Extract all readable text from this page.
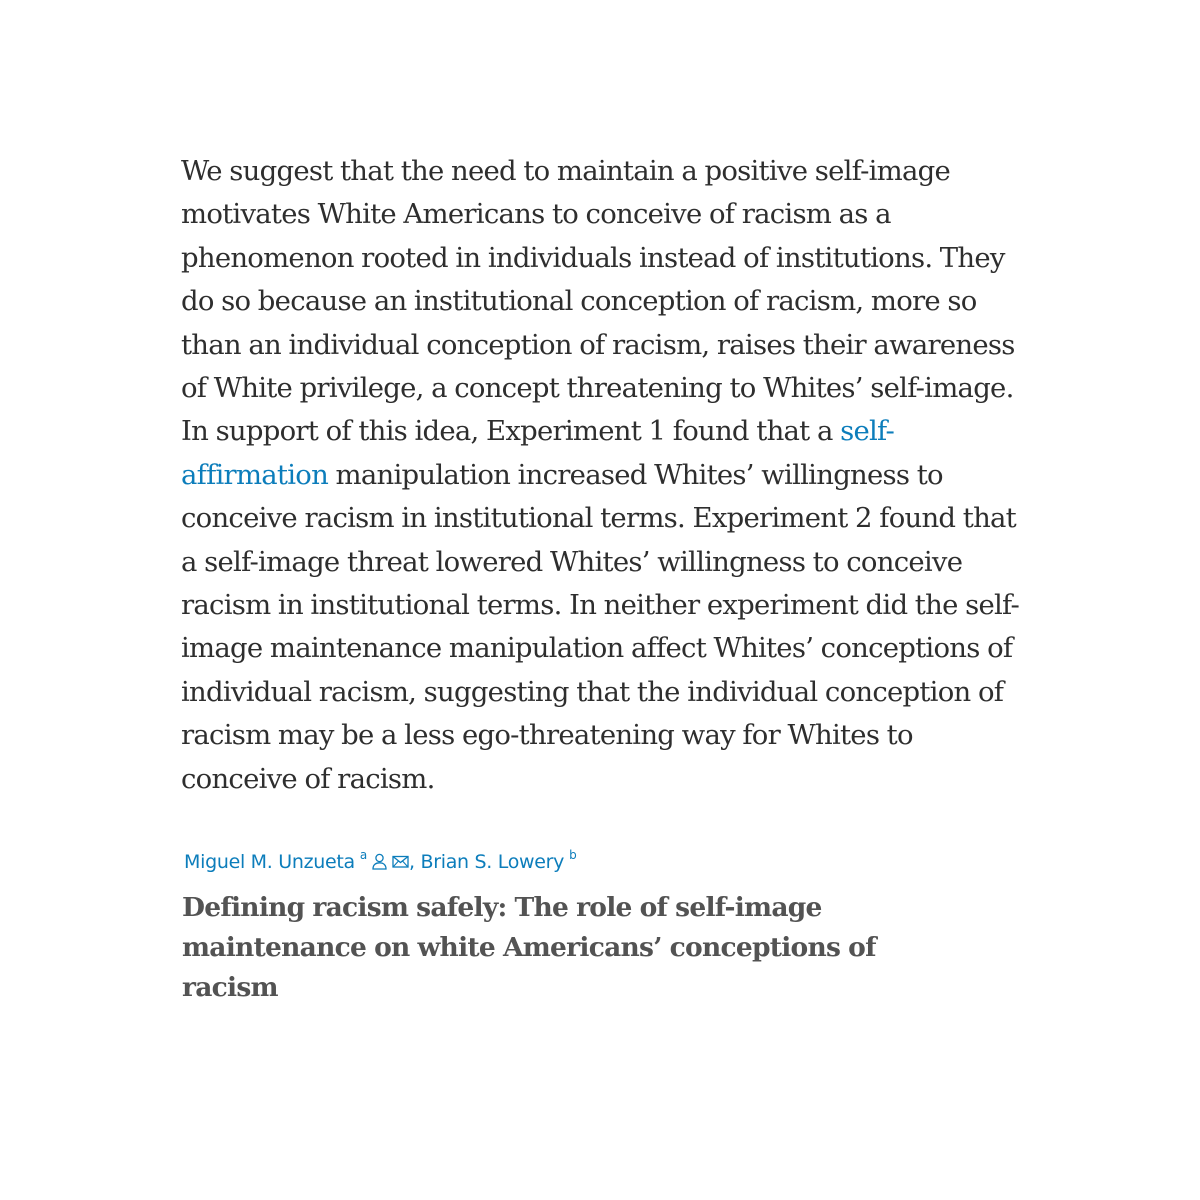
We suggest that the need to maintain a positive self-image motivates White Americans to conceive of racism as a phenomenon rooted in individuals instead of institutions. They do so because an institutional conception of racism, more so than an individual conception of racism, raises their awareness of White privilege, a concept threatening to Whites’ self-image. In support of this idea, Experiment 1 found that a self-affirmation manipulation increased Whites’ willingness to conceive racism in institutional terms. Experiment 2 found that a self-image threat lowered Whites’ willingness to conceive racism in institutional terms. In neither experiment did the self-image maintenance manipulation affect Whites’ conceptions of individual racism, suggesting that the individual conception of racism may be a less ego-threatening way for Whites to conceive of racism.

Miguel M. Unzueta $^a$ , Brian S. Lowery $^b$
Defining racism safely: The role of self-image maintenance on white Americans’ conceptions of racism
